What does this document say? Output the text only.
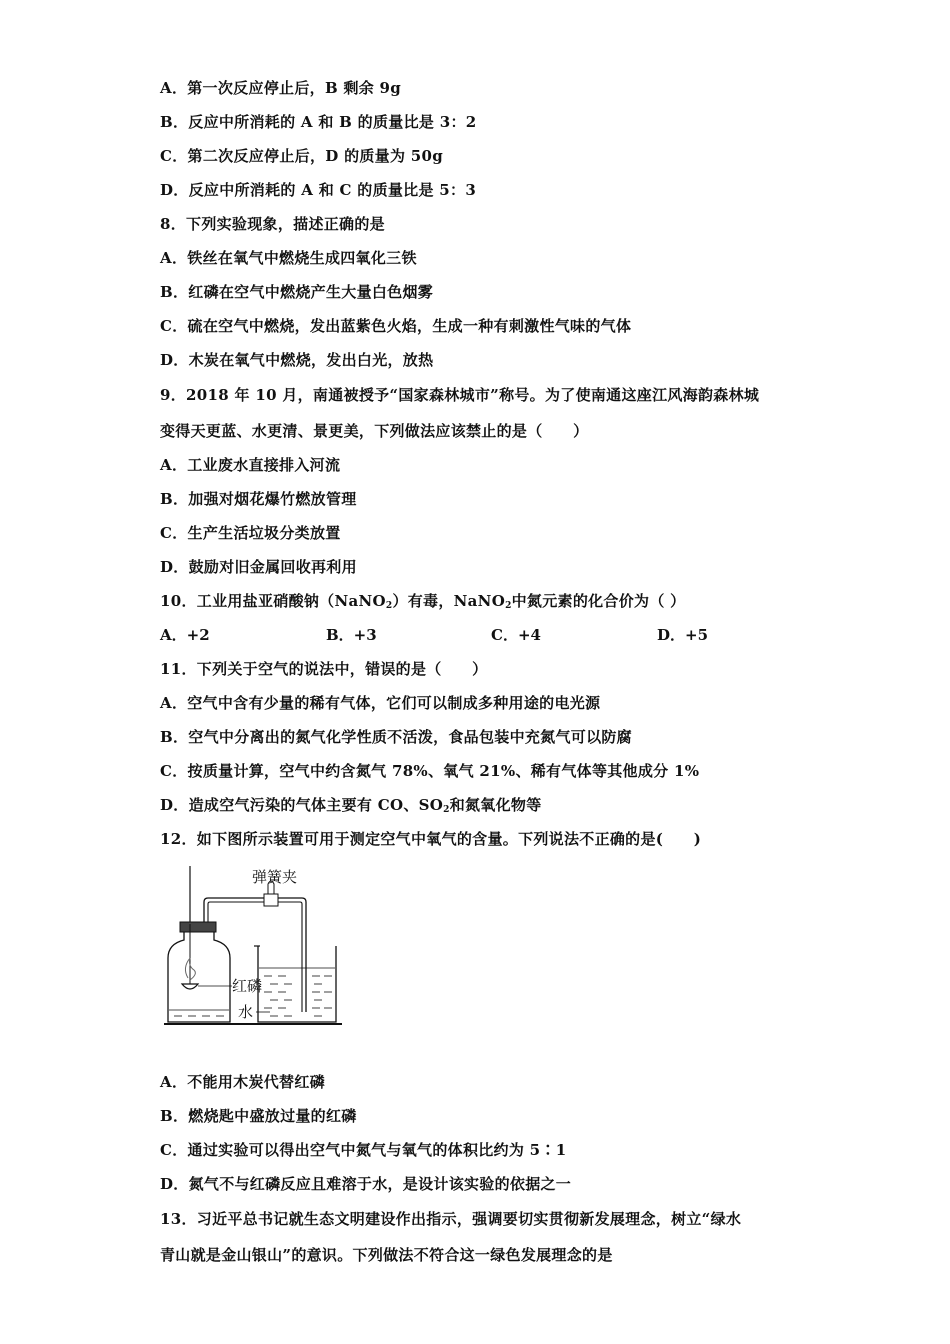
A．第一次反应停止后，B 剩余 9g
B．反应中所消耗的 A 和 B 的质量比是 3：2
C．第二次反应停止后，D 的质量为 50g
D．反应中所消耗的 A 和 C 的质量比是 5：3
8．下列实验现象，描述正确的是
A．铁丝在氧气中燃烧生成四氧化三铁
B．红磷在空气中燃烧产生大量白色烟雾
C．硫在空气中燃烧，发出蓝紫色火焰，生成一种有刺激性气味的气体
D．木炭在氧气中燃烧，发出白光，放热
9．2018 年 10 月，南通被授予“国家森林城市”称号。为了使南通这座江风海韵森林城
变得天更蓝、水更清、景更美，下列做法应该禁止的是（　　）
A．工业废水直接排入河流
B．加强对烟花爆竹燃放管理
C．生产生活垃圾分类放置
D．鼓励对旧金属回收再利用
10．工业用盐亚硝酸钠（NaNO$_2$）有毒，NaNO$_2$中氮元素的化合价为（ ）
A．+2	B．+3	C．+4	D．+5
11．下列关于空气的说法中，错误的是（　　）
A．空气中含有少量的稀有气体，它们可以制成多种用途的电光源
B．空气中分离出的氮气化学性质不活泼，食品包装中充氮气可以防腐
C．按质量计算，空气中约含氮气 78%、氧气 21%、稀有气体等其他成分 1%
D．造成空气污染的气体主要有 CO、$SO_2$和氮氧化物等
12．如下图所示装置可用于测定空气中氧气的含量。下列说法不正确的是(　　)
弹簧夹
红磷
水
A．不能用木炭代替红磷
B．燃烧匙中盛放过量的红磷
C．通过实验可以得出空气中氮气与氧气的体积比约为 5∶1
D．氮气不与红磷反应且难溶于水，是设计该实验的依据之一
13．习近平总书记就生态文明建设作出指示，强调要切实贯彻新发展理念，树立“绿水
青山就是金山银山”的意识。下列做法不符合这一绿色发展理念的是
